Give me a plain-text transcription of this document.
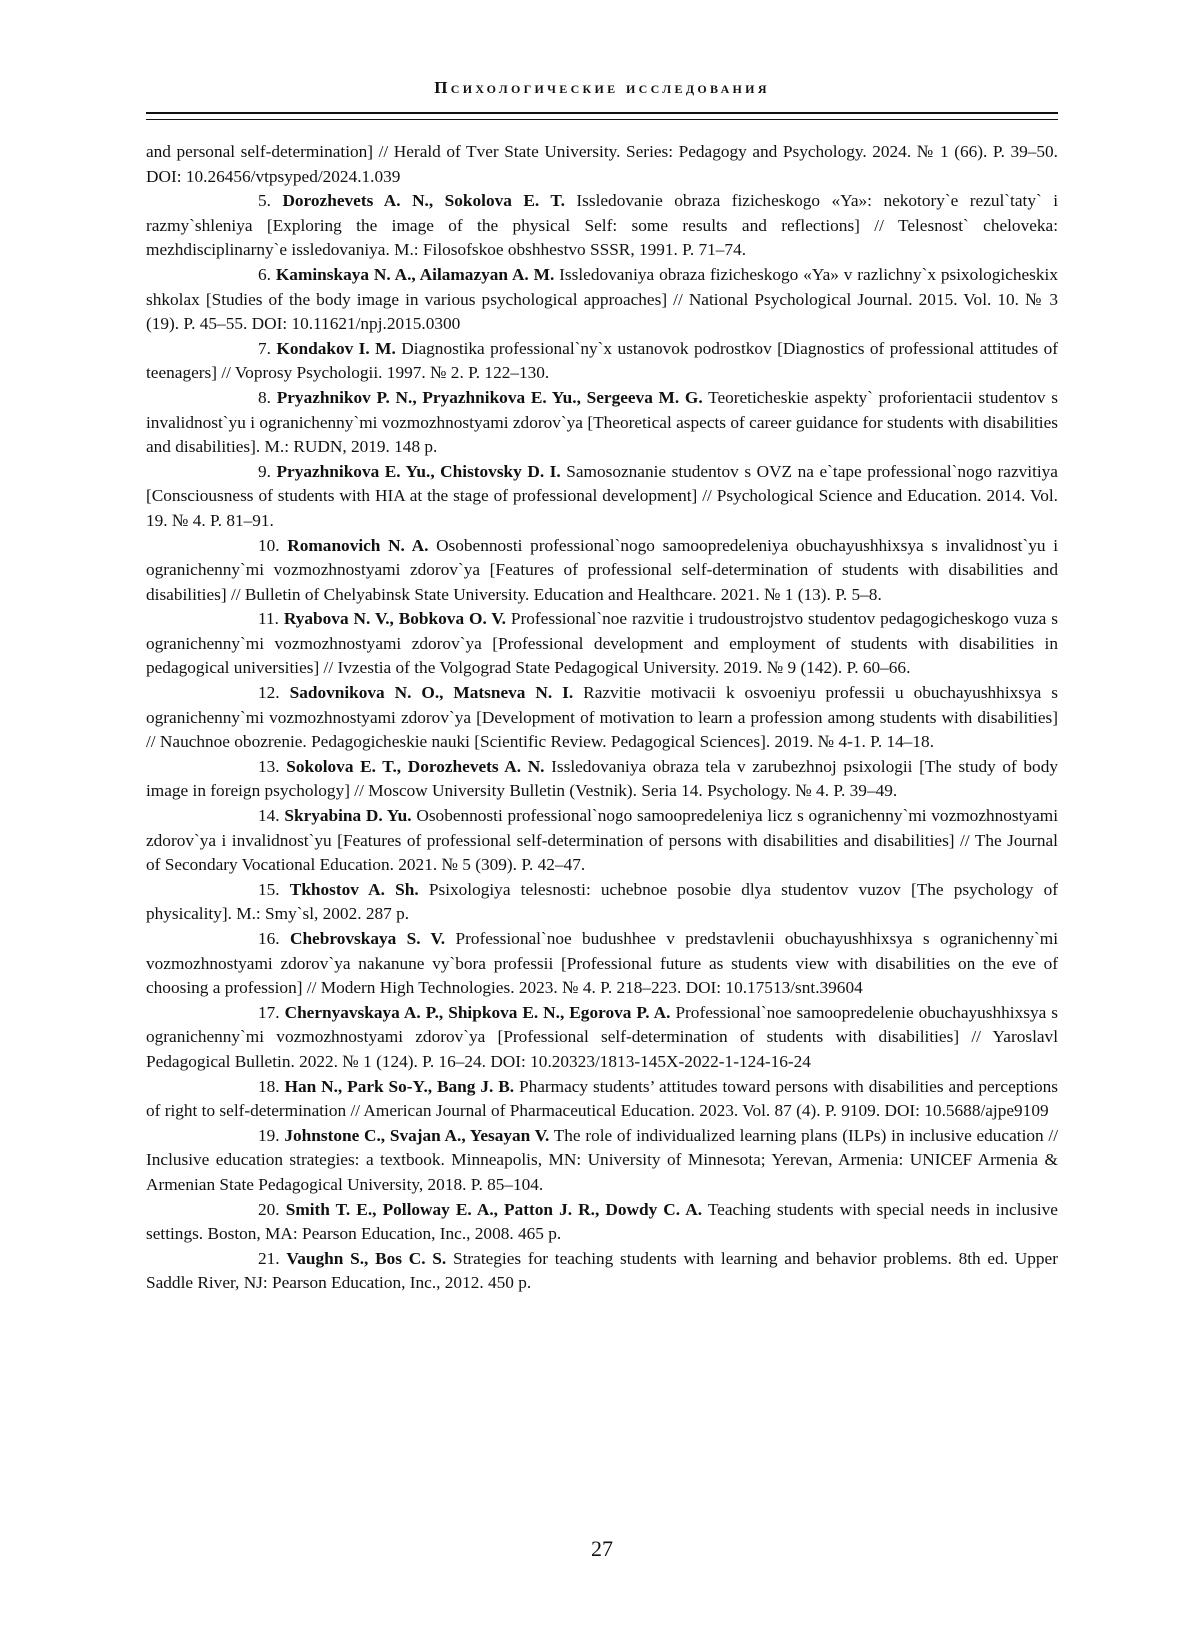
Психологические исследования

and personal self-determination] // Herald of Tver State University. Series: Pedagogy and Psychology. 2024. № 1 (66). P. 39–50. DOI: 10.26456/vtpsyped/2024.1.039

5. Dorozhevets A. N., Sokolova E. T. Issledovanie obraza fizicheskogo «Ya»: nekotory`e rezul`taty` i razmy`shleniya [Exploring the image of the physical Self: some results and reflections] // Telesnost` cheloveka: mezhdisciplinarny`e issledovaniya. M.: Filosofskoe obshhestvo SSSR, 1991. P. 71–74.

6. Kaminskaya N. A., Ailamazyan A. M. Issledovaniya obraza fizicheskogo «Ya» v razlichny`x psixologicheskix shkolax [Studies of the body image in various psychological approaches] // National Psychological Journal. 2015. Vol. 10. № 3 (19). P. 45–55. DOI: 10.11621/npj.2015.0300

7. Kondakov I. M. Diagnostika professional`ny`x ustanovok podrostkov [Diagnostics of professional attitudes of teenagers] // Voprosy Psychologii. 1997. № 2. P. 122–130.

8. Pryazhnikov P. N., Pryazhnikova E. Yu., Sergeeva M. G. Teoreticheskie aspekty` proforientacii studentov s invalidnost`yu i ogranichenny`mi vozmozhnostyami zdorov`ya [Theoretical aspects of career guidance for students with disabilities and disabilities]. M.: RUDN, 2019. 148 p.

9. Pryazhnikova E. Yu., Chistovsky D. I. Samosoznanie studentov s OVZ na e`tape professional`nogo razvitiya [Consciousness of students with HIA at the stage of professional development] // Psychological Science and Education. 2014. Vol. 19. № 4. P. 81–91.

10. Romanovich N. A. Osobennosti professional`nogo samoopredeleniya obuchayushhixsya s invalidnost`yu i ogranichenny`mi vozmozhnostyami zdorov`ya [Features of professional self-determination of students with disabilities and disabilities] // Bulletin of Chelyabinsk State University. Education and Healthcare. 2021. № 1 (13). P. 5–8.

11. Ryabova N. V., Bobkova O. V. Professional`noe razvitie i trudoustrojstvo studentov pedagogicheskogo vuza s ogranichenny`mi vozmozhnostyami zdorov`ya [Professional development and employment of students with disabilities in pedagogical universities] // Ivzestia of the Volgograd State Pedagogical University. 2019. № 9 (142). P. 60–66.

12. Sadovnikova N. O., Matsneva N. I. Razvitie motivacii k osvoeniyu professii u obuchayushhixsya s ogranichenny`mi vozmozhnostyami zdorov`ya [Development of motivation to learn a profession among students with disabilities] // Nauchnoe obozrenie. Pedagogicheskie nauki [Scientific Review. Pedagogical Sciences]. 2019. № 4-1. P. 14–18.

13. Sokolova E. T., Dorozhevets A. N. Issledovaniya obraza tela v zarubezhnoj psixologii [The study of body image in foreign psychology] // Moscow University Bulletin (Vestnik). Seria 14. Psychology. № 4. P. 39–49.

14. Skryabina D. Yu. Osobennosti professional`nogo samoopredeleniya licz s ogranichenny`mi vozmozhnostyami zdorov`ya i invalidnost`yu [Features of professional self-determination of persons with disabilities and disabilities] // The Journal of Secondary Vocational Education. 2021. № 5 (309). P. 42–47.

15. Tkhostov A. Sh. Psixologiya telesnosti: uchebnoe posobie dlya studentov vuzov [The psychology of physicality]. M.: Smy`sl, 2002. 287 p.

16. Chebrovskaya S. V. Professional`noe budushhee v predstavlenii obuchayushhixsya s ogranichenny`mi vozmozhnostyami zdorov`ya nakanune vy`bora professii [Professional future as students view with disabilities on the eve of choosing a profession] // Modern High Technologies. 2023. № 4. P. 218–223. DOI: 10.17513/snt.39604

17. Chernyavskaya A. P., Shipkova E. N., Egorova P. A. Professional`noe samoopredelenie obuchayushhixsya s ogranichenny`mi vozmozhnostyami zdorov`ya [Professional self-determination of students with disabilities] // Yaroslavl Pedagogical Bulletin. 2022. № 1 (124). P. 16–24. DOI: 10.20323/1813-145X-2022-1-124-16-24

18. Han N., Park So-Y., Bang J. B. Pharmacy students’ attitudes toward persons with disabilities and perceptions of right to self-determination // American Journal of Pharmaceutical Education. 2023. Vol. 87 (4). P. 9109. DOI: 10.5688/ajpe9109

19. Johnstone C., Svajan A., Yesayan V. The role of individualized learning plans (ILPs) in inclusive education // Inclusive education strategies: a textbook. Minneapolis, MN: University of Minnesota; Yerevan, Armenia: UNICEF Armenia & Armenian State Pedagogical University, 2018. P. 85–104.

20. Smith T. E., Polloway E. A., Patton J. R., Dowdy C. A. Teaching students with special needs in inclusive settings. Boston, MA: Pearson Education, Inc., 2008. 465 p.

21. Vaughn S., Bos C. S. Strategies for teaching students with learning and behavior problems. 8th ed. Upper Saddle River, NJ: Pearson Education, Inc., 2012. 450 p.

27
